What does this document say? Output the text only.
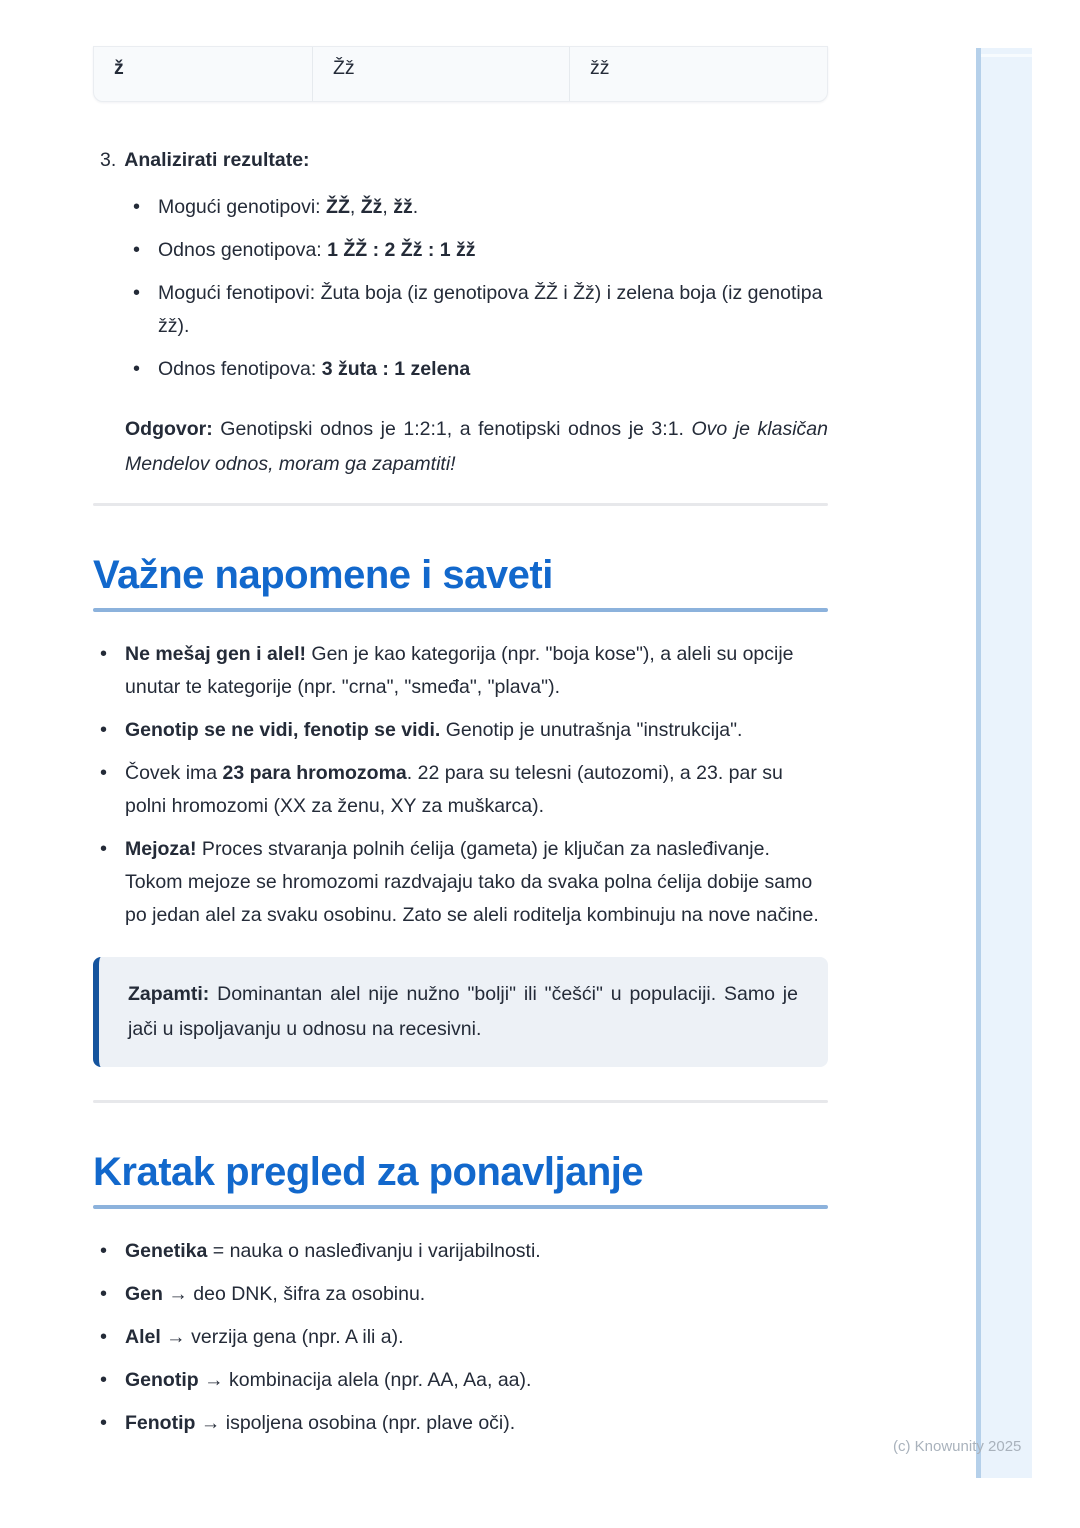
ž	Žž	žž
3. Analizirati rezultate:
• Mogući genotipovi: ŽŽ, Žž, žž.
• Odnos genotipova: 1 ŽŽ : 2 Žž : 1 žž
• Mogući fenotipovi: Žuta boja (iz genotipova ŽŽ i Žž) i zelena boja (iz genotipa žž).
• Odnos fenotipova: 3 žuta : 1 zelena

Odgovor: Genotipski odnos je 1:2:1, a fenotipski odnos je 3:1. Ovo je klasičan Mendelov odnos, moram ga zapamtiti!

Važne napomene i saveti
• Ne mešaj gen i alel! Gen je kao kategorija (npr. "boja kose"), a aleli su opcije unutar te kategorije (npr. "crna", "smeđa", "plava").
• Genotip se ne vidi, fenotip se vidi. Genotip je unutrašnja "instrukcija".
• Čovek ima 23 para hromozoma. 22 para su telesni (autozomi), a 23. par su polni hromozomi (XX za ženu, XY za muškarca).
• Mejoza! Proces stvaranja polnih ćelija (gameta) je ključan za nasleđivanje. Tokom mejoze se hromozomi razdvajaju tako da svaka polna ćelija dobije samo po jedan alel za svaku osobinu. Zato se aleli roditelja kombinuju na nove načine.

Zapamti: Dominantan alel nije nužno "bolji" ili "češći" u populaciji. Samo je jači u ispoljavanju u odnosu na recesivni.

Kratak pregled za ponavljanje
• Genetika = nauka o nasleđivanju i varijabilnosti.
• Gen → deo DNK, šifra za osobinu.
• Alel → verzija gena (npr. A ili a).
• Genotip → kombinacija alela (npr. AA, Aa, aa).
• Fenotip → ispoljena osobina (npr. plave oči).
(c) Knowunity 2025
